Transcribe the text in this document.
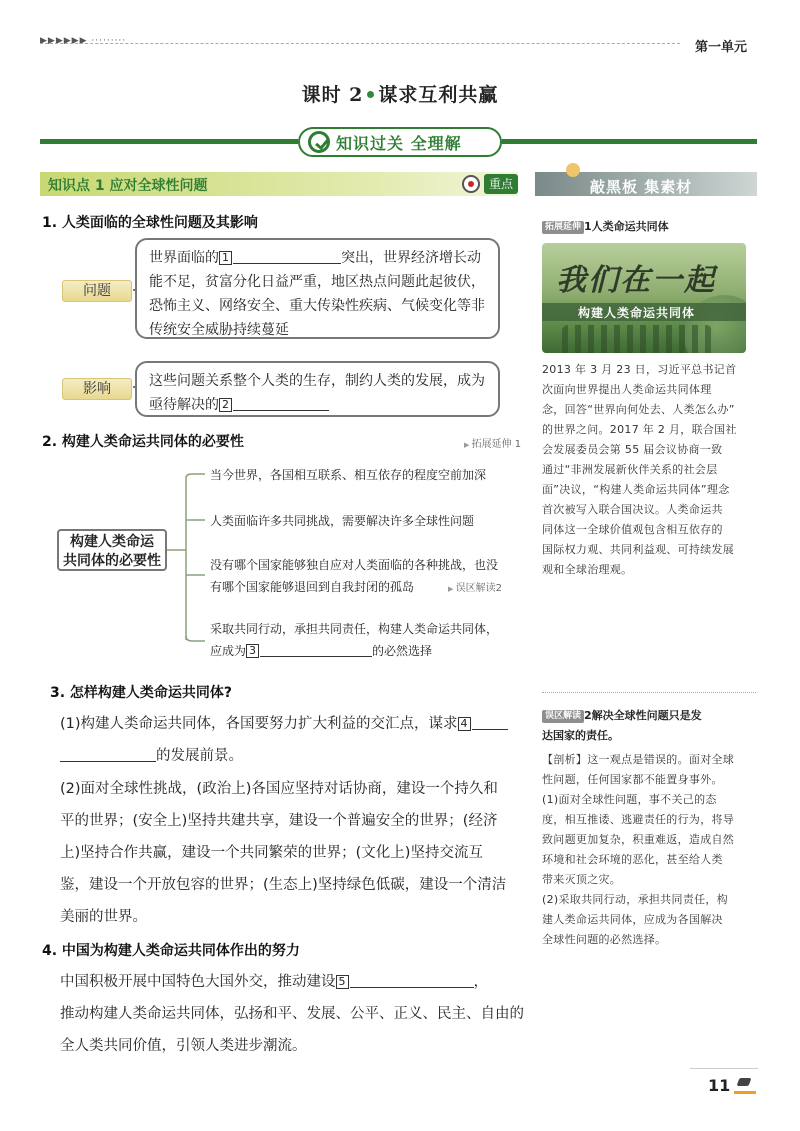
▶▶▶▶▶▶ ·········	第一单元
课时 2 谋求互利共赢
知识过关 全理解
知识点 1 应对全球性问题	重点	敲黑板 集素材
1. 人类面临的全球性问题及其影响
问题
世界面临的 1	突出，世界经济增长动
能不足，贫富分化日益严重，地区热点问题此起彼伏，
恐怖主义、网络安全、重大传染性疾病、气候变化等非
传统安全威胁持续蔓延
影响	这些问题关系整个人类的生存，制约人类的发展，成为
亟待解决的 2
2. 构建人类命运共同体的必要性	▶ 拓展延伸 1
构建人类命运
共同体的必要性
当今世界，各国相互联系、相互依存的程度空前加深
人类面临许多共同挑战，需要解决许多全球性问题
没有哪个国家能够独自应对人类面临的各种挑战，也没
有哪个国家能够退回到自我封闭的孤岛	▶ 误区解读2
采取共同行动，承担共同责任，构建人类命运共同体，
应成为 3	的必然选择
3. 怎样构建人类命运共同体?
(1)构建人类命运共同体，各国要努力扩大利益的交汇点，谋求 4
的发展前景。
(2)面对全球性挑战，(政治上)各国应坚持对话协商，建设一个持久和
平的世界；(安全上)坚持共建共享，建设一个普遍安全的世界；(经济
上)坚持合作共赢，建设一个共同繁荣的世界；(文化上)坚持交流互
鉴，建设一个开放包容的世界；(生态上)坚持绿色低碳，建设一个清洁
美丽的世界。
4. 中国为构建人类命运共同体作出的努力
中国积极开展中国特色大国外交，推动建设 5	，
推动构建人类命运共同体，弘扬和平、发展、公平、正义、民主、自由的
全人类共同价值，引领人类进步潮流。
拓展延伸 1人类命运共同体
我们在一起
构建人类命运共同体
2013 年 3 月 23 日，习近平总书记首
次面向世界提出人类命运共同体理
念，回答“世界向何处去、人类怎么办”
的世界之问。2017 年 2 月，联合国社
会发展委员会第 55 届会议协商一致
通过“非洲发展新伙伴关系的社会层
面”决议，“构建人类命运共同体”理念
首次被写入联合国决议。人类命运共
同体这一全球价值观包含相互依存的
国际权力观、共同利益观、可持续发展
观和全球治理观。
误区解读 2解决全球性问题只是发
达国家的责任。
【剖析】这一观点是错误的。面对全球
性问题，任何国家都不能置身事外。
(1)面对全球性问题，事不关己的态
度，相互推诿、逃避责任的行为，将导
致问题更加复杂，积重难返，造成自然
环境和社会环境的恶化，甚至给人类
带来灭顶之灾。
(2)采取共同行动，承担共同责任，构
建人类命运共同体，应成为各国解决
全球性问题的必然选择。
11
